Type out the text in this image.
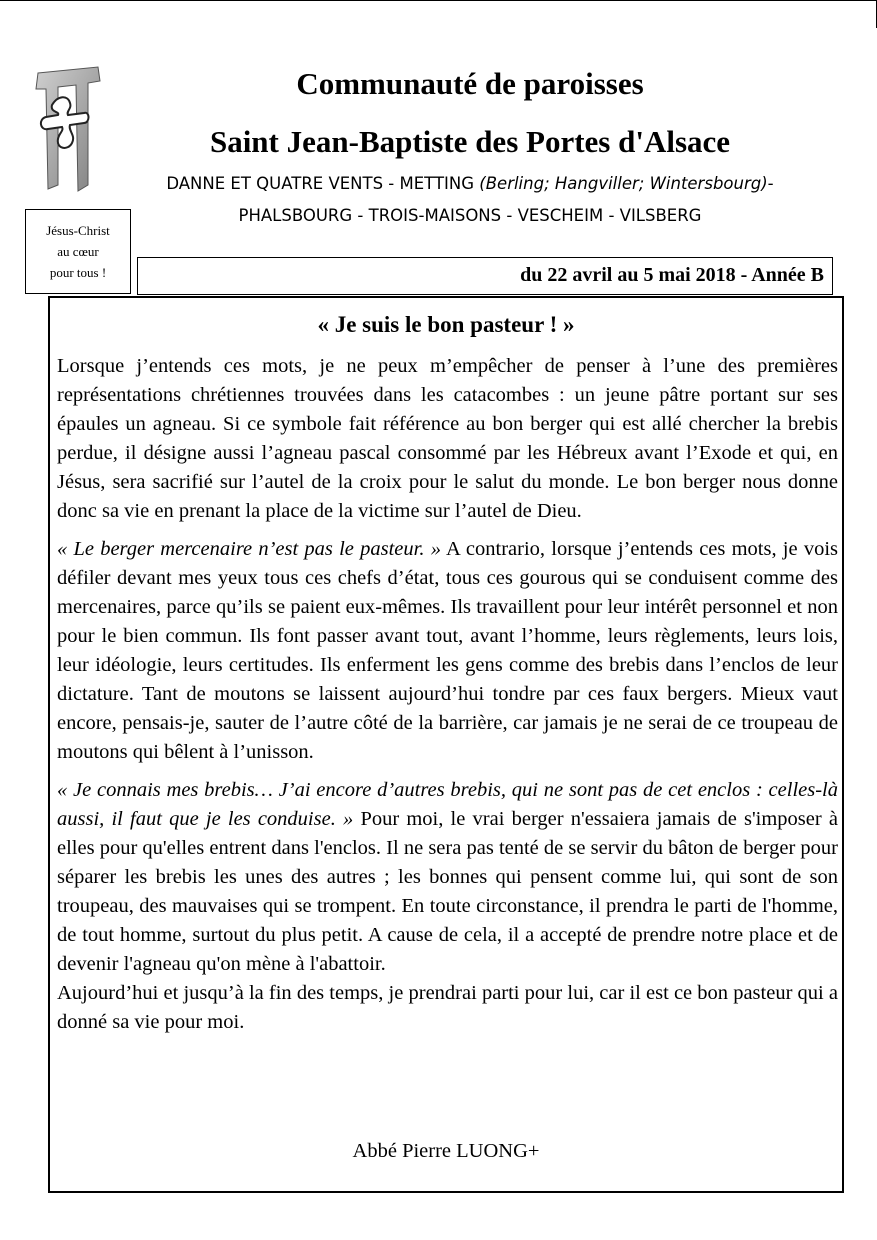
Communauté de paroisses
Saint Jean-Baptiste des Portes d'Alsace
DANNE ET QUATRE VENTS - METTING (Berling; Hangviller; Wintersbourg)-
PHALSBOURG - TROIS-MAISONS - VESCHEIM - VILSBERG
Jésus-Christ
au cœur
pour tous !	du 22 avril au 5 mai 2018 - Année B
« Je suis le bon pasteur ! »

Lorsque j’entends ces mots, je ne peux m’empêcher de penser à l’une des premières représentations chrétiennes trouvées dans les catacombes : un jeune pâtre portant sur ses épaules un agneau. Si ce symbole fait référence au bon berger qui est allé chercher la brebis perdue, il désigne aussi l’agneau pascal consommé par les Hébreux avant l’Exode et qui, en Jésus, sera sacrifié sur l’autel de la croix pour le salut du monde. Le bon berger nous donne donc sa vie en prenant la place de la victime sur l’autel de Dieu.

« Le berger mercenaire n’est pas le pasteur. » A contrario, lorsque j’entends ces mots, je vois défiler devant mes yeux tous ces chefs d’état, tous ces gourous qui se conduisent comme des mercenaires, parce qu’ils se paient eux-mêmes. Ils travaillent pour leur intérêt personnel et non pour le bien commun. Ils font passer avant tout, avant l’homme, leurs règlements, leurs lois, leur idéologie, leurs certitudes. Ils enferment les gens comme des brebis dans l’enclos de leur dictature. Tant de moutons se laissent aujourd’hui tondre par ces faux bergers. Mieux vaut encore, pensais-je, sauter de l’autre côté de la barrière, car jamais je ne serai de ce troupeau de moutons qui bêlent à l’unisson.

« Je connais mes brebis… J’ai encore d’autres brebis, qui ne sont pas de cet enclos : celles-là aussi, il faut que je les conduise. » Pour moi, le vrai berger n'essaiera jamais de s'imposer à elles pour qu'elles entrent dans l'enclos. Il ne sera pas tenté de se servir du bâton de berger pour séparer les brebis les unes des autres ; les bonnes qui pensent comme lui, qui sont de son troupeau, des mauvaises qui se trompent. En toute circonstance, il prendra le parti de l'homme, de tout homme, surtout du plus petit. A cause de cela, il a accepté de prendre notre place et de devenir l'agneau qu'on mène à l'abattoir.

Aujourd’hui et jusqu’à la fin des temps, je prendrai parti pour lui, car il est ce bon pasteur qui a donné sa vie pour moi.

Abbé Pierre LUONG+
